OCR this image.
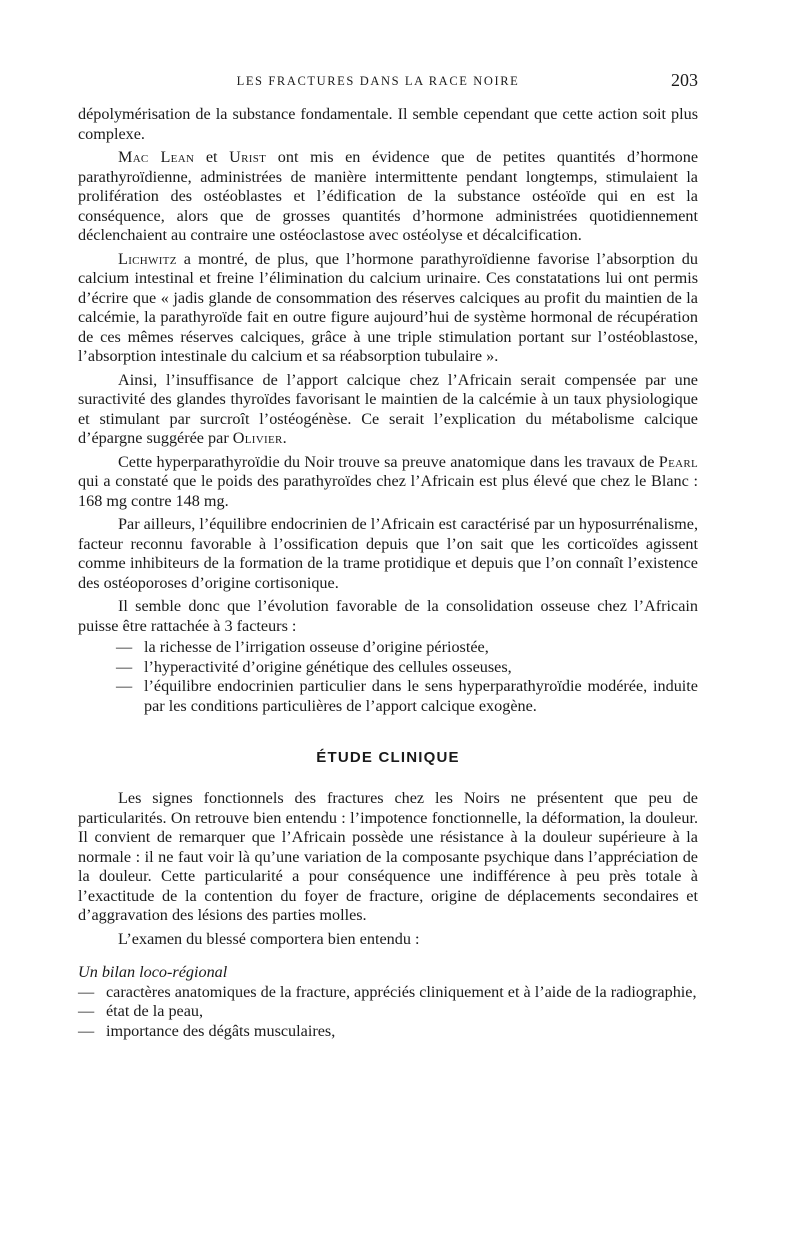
LES FRACTURES DANS LA RACE NOIRE	203

dépolymérisation de la substance fondamentale. Il semble cependant que cette action soit plus complexe.

Mac Lean et Urist ont mis en évidence que de petites quantités d’hormone parathyroïdienne, administrées de manière intermittente pendant longtemps, stimulaient la prolifération des ostéoblastes et l’édification de la substance ostéoïde qui en est la conséquence, alors que de grosses quantités d’hormone administrées quotidiennement déclenchaient au contraire une ostéoclastose avec ostéolyse et décalcification.

Lichwitz a montré, de plus, que l’hormone parathyroïdienne favorise l’absorption du calcium intestinal et freine l’élimination du calcium urinaire. Ces constatations lui ont permis d’écrire que « jadis glande de consommation des réserves calciques au profit du maintien de la calcémie, la parathyroïde fait en outre figure aujourd’hui de système hormonal de récupération de ces mêmes réserves calciques, grâce à une triple stimulation portant sur l’ostéoblastose, l’absorption intestinale du calcium et sa réabsorption tubulaire ».

Ainsi, l’insuffisance de l’apport calcique chez l’Africain serait compensée par une suractivité des glandes thyroïdes favorisant le maintien de la calcémie à un taux physiologique et stimulant par surcroît l’ostéogénèse. Ce serait l’explication du métabolisme calcique d’épargne suggérée par Olivier.

Cette hyperparathyroïdie du Noir trouve sa preuve anatomique dans les travaux de Pearl qui a constaté que le poids des parathyroïdes chez l’Africain est plus élevé que chez le Blanc : 168 mg contre 148 mg.

Par ailleurs, l’équilibre endocrinien de l’Africain est caractérisé par un hyposurrénalisme, facteur reconnu favorable à l’ossification depuis que l’on sait que les corticoïdes agissent comme inhibiteurs de la formation de la trame protidique et depuis que l’on connaît l’existence des ostéoporoses d’origine cortisonique.

Il semble donc que l’évolution favorable de la consolidation osseuse chez l’Africain puisse être rattachée à 3 facteurs :

— la richesse de l’irrigation osseuse d’origine périostée,
— l’hyperactivité d’origine génétique des cellules osseuses,
— l’équilibre endocrinien particulier dans le sens hyperparathyroïdie modérée, induite par les conditions particulières de l’apport calcique exogène.
ÉTUDE CLINIQUE

Les signes fonctionnels des fractures chez les Noirs ne présentent que peu de particularités. On retrouve bien entendu : l’impotence fonctionnelle, la déformation, la douleur. Il convient de remarquer que l’Africain possède une résistance à la douleur supérieure à la normale : il ne faut voir là qu’une variation de la composante psychique dans l’appréciation de la douleur. Cette particularité a pour conséquence une indifférence à peu près totale à l’exactitude de la contention du foyer de fracture, origine de déplacements secondaires et d’aggravation des lésions des parties molles.

L’examen du blessé comportera bien entendu :

Un bilan loco-régional
— caractères anatomiques de la fracture, appréciés cliniquement et à l’aide de la radiographie,
— état de la peau,
— importance des dégâts musculaires,
